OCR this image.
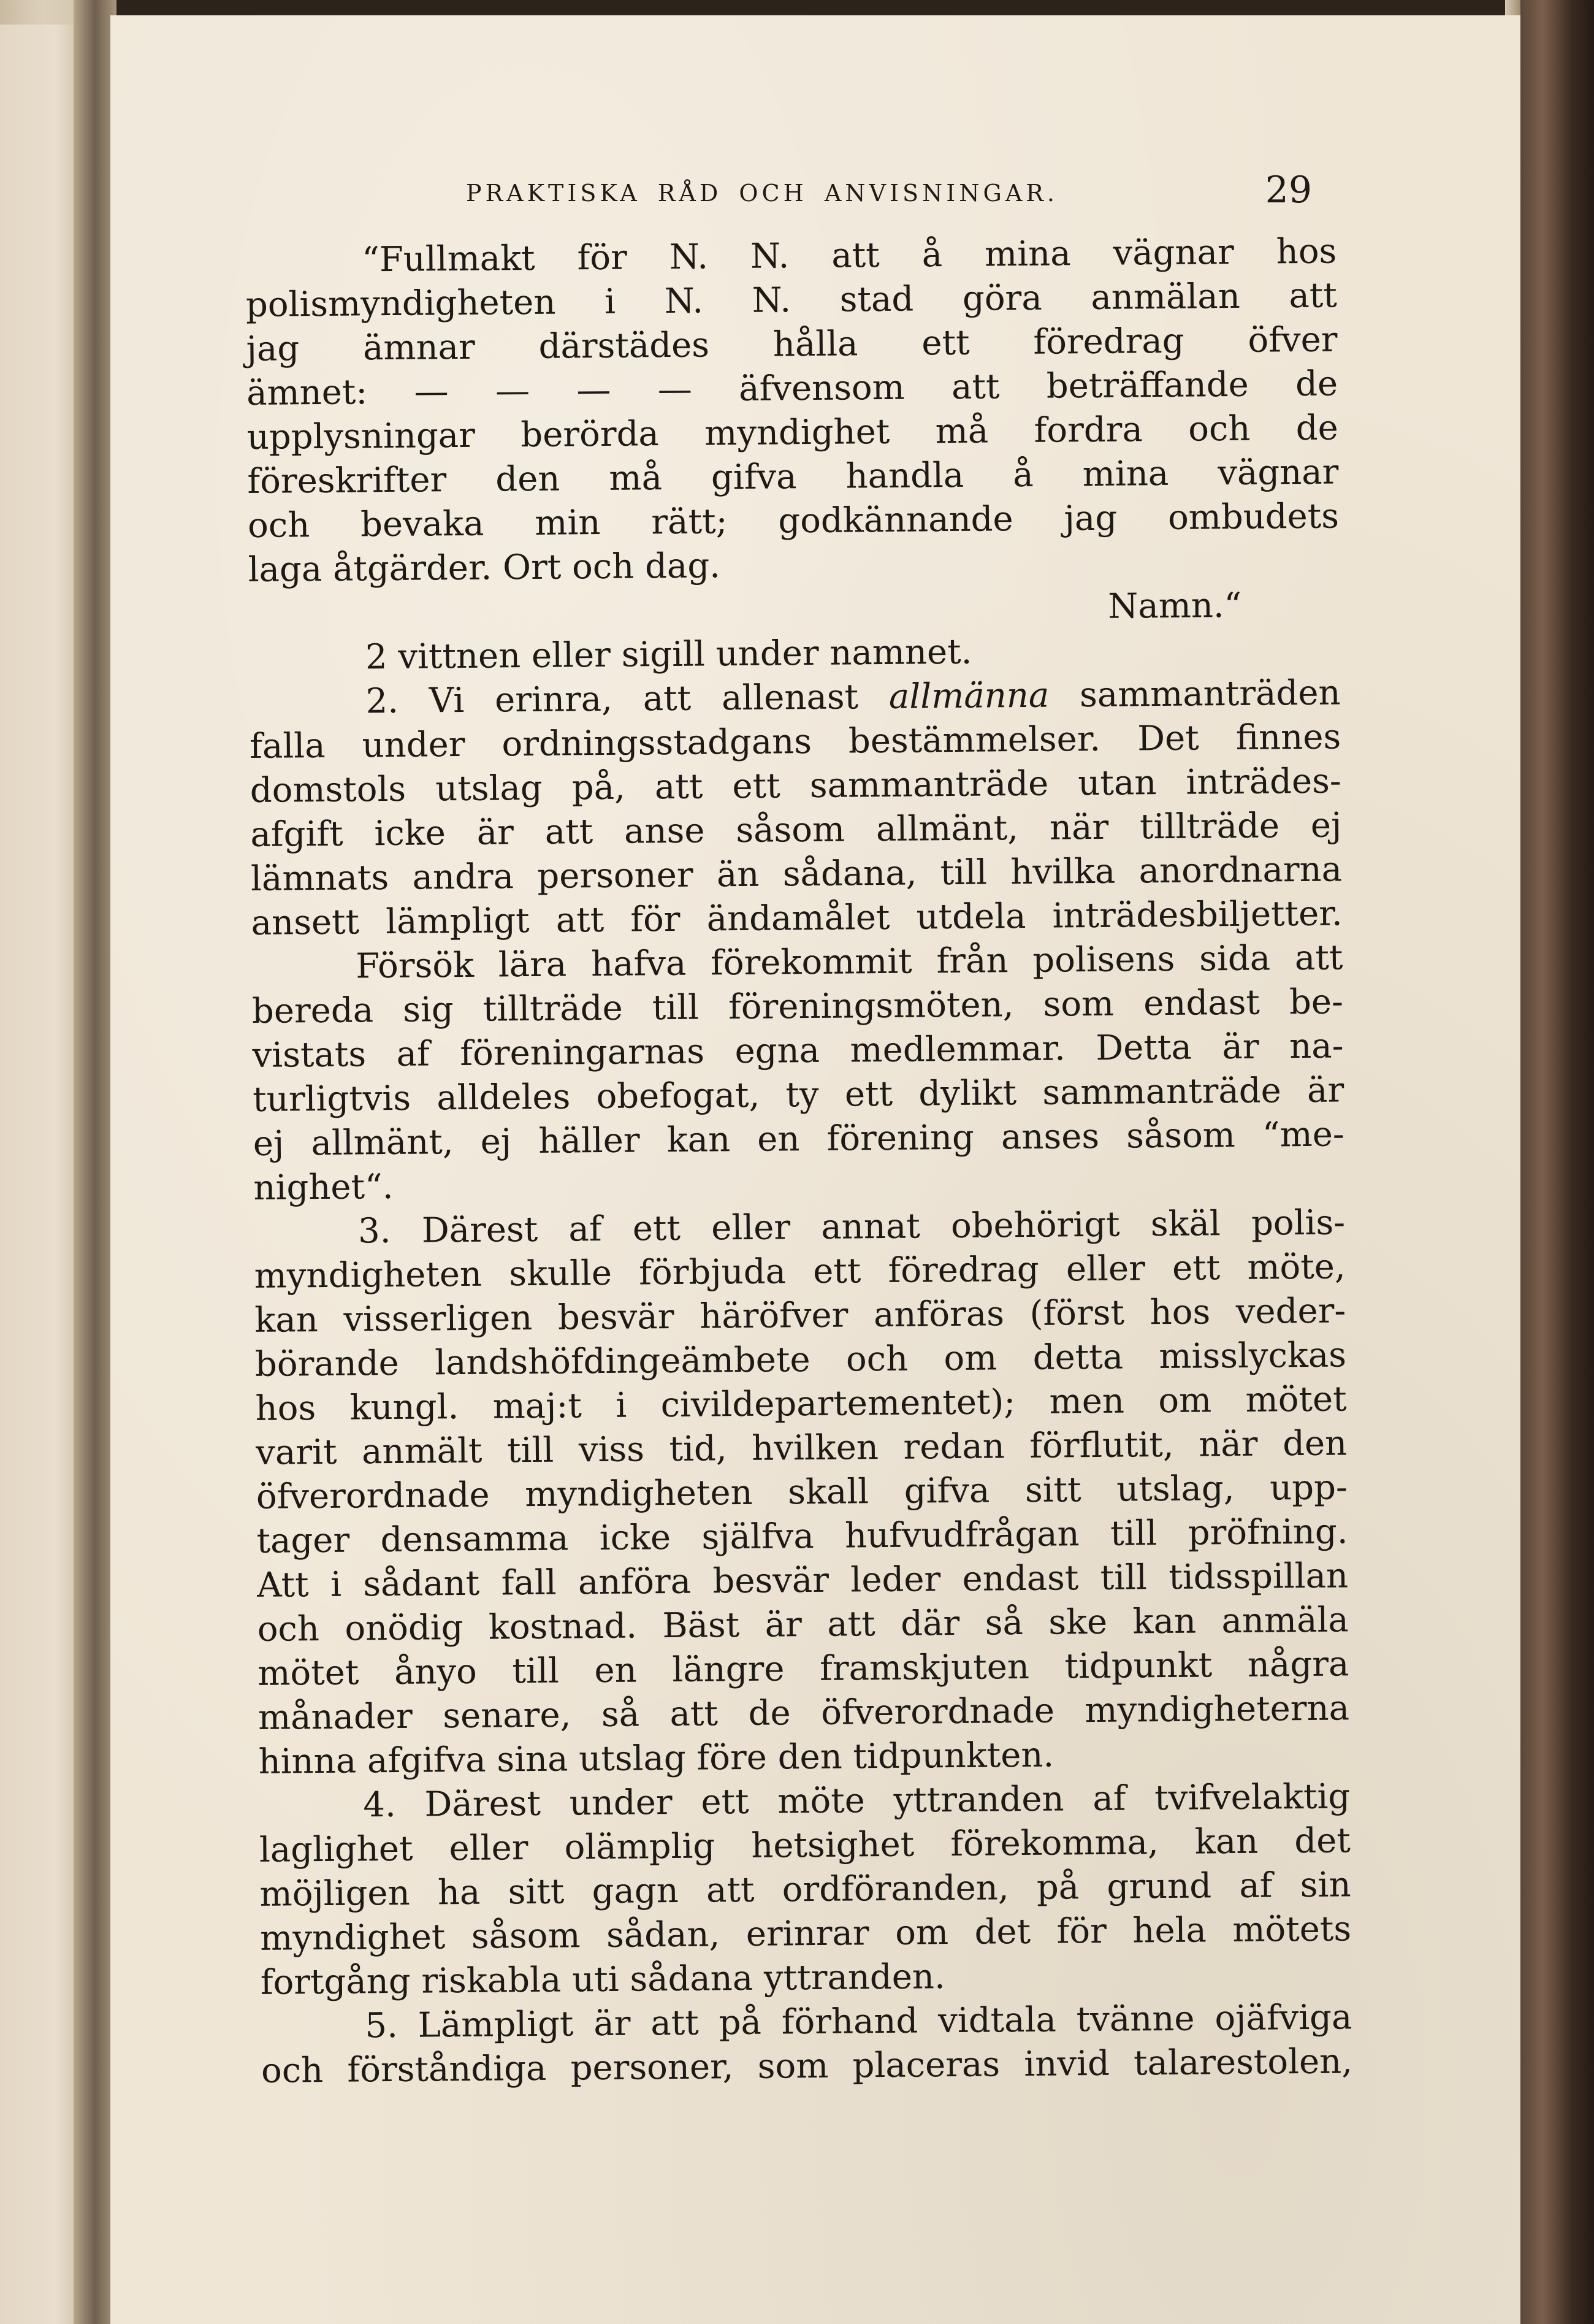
PRAKTISKA RÅD OCH ANVISNINGAR.	29
“Fullmakt för N. N. att å mina vägnar hos
polismyndigheten i N. N. stad göra anmälan att
jag ämnar därstädes hålla ett föredrag öfver
ämnet: — — — — äfvensom att beträffande de
upplysningar berörda myndighet må fordra och de
föreskrifter den må gifva handla å mina vägnar
och bevaka min rätt; godkännande jag ombudets
laga åtgärder. Ort och dag.
Namn.“
2 vittnen eller sigill under namnet.
2. Vi erinra, att allenast allmänna sammanträden
falla under ordningsstadgans bestämmelser. Det finnes
domstols utslag på, att ett sammanträde utan inträdes-
afgift icke är att anse såsom allmänt, när tillträde ej
lämnats andra personer än sådana, till hvilka anordnarna
ansett lämpligt att för ändamålet utdela inträdesbiljetter.
Försök lära hafva förekommit från polisens sida att
bereda sig tillträde till föreningsmöten, som endast be-
vistats af föreningarnas egna medlemmar. Detta är na-
turligtvis alldeles obefogat, ty ett dylikt sammanträde är
ej allmänt, ej häller kan en förening anses såsom “me-
nighet“.
3. Därest af ett eller annat obehörigt skäl polis-
myndigheten skulle förbjuda ett föredrag eller ett möte,
kan visserligen besvär häröfver anföras (först hos veder-
börande landshöfdingeämbete och om detta misslyckas
hos kungl. maj:t i civildepartementet); men om mötet
varit anmält till viss tid, hvilken redan förflutit, när den
öfverordnade myndigheten skall gifva sitt utslag, upp-
tager densamma icke själfva hufvudfrågan till pröfning.
Att i sådant fall anföra besvär leder endast till tidsspillan
och onödig kostnad. Bäst är att där så ske kan anmäla
mötet ånyo till en längre framskjuten tidpunkt några
månader senare, så att de öfverordnade myndigheterna
hinna afgifva sina utslag före den tidpunkten.
4. Därest under ett möte yttranden af tvifvelaktig
laglighet eller olämplig hetsighet förekomma, kan det
möjligen ha sitt gagn att ordföranden, på grund af sin
myndighet såsom sådan, erinrar om det för hela mötets
fortgång riskabla uti sådana yttranden.
5. Lämpligt är att på förhand vidtala tvänne ojäfviga
och förståndiga personer, som placeras invid talarestolen,
